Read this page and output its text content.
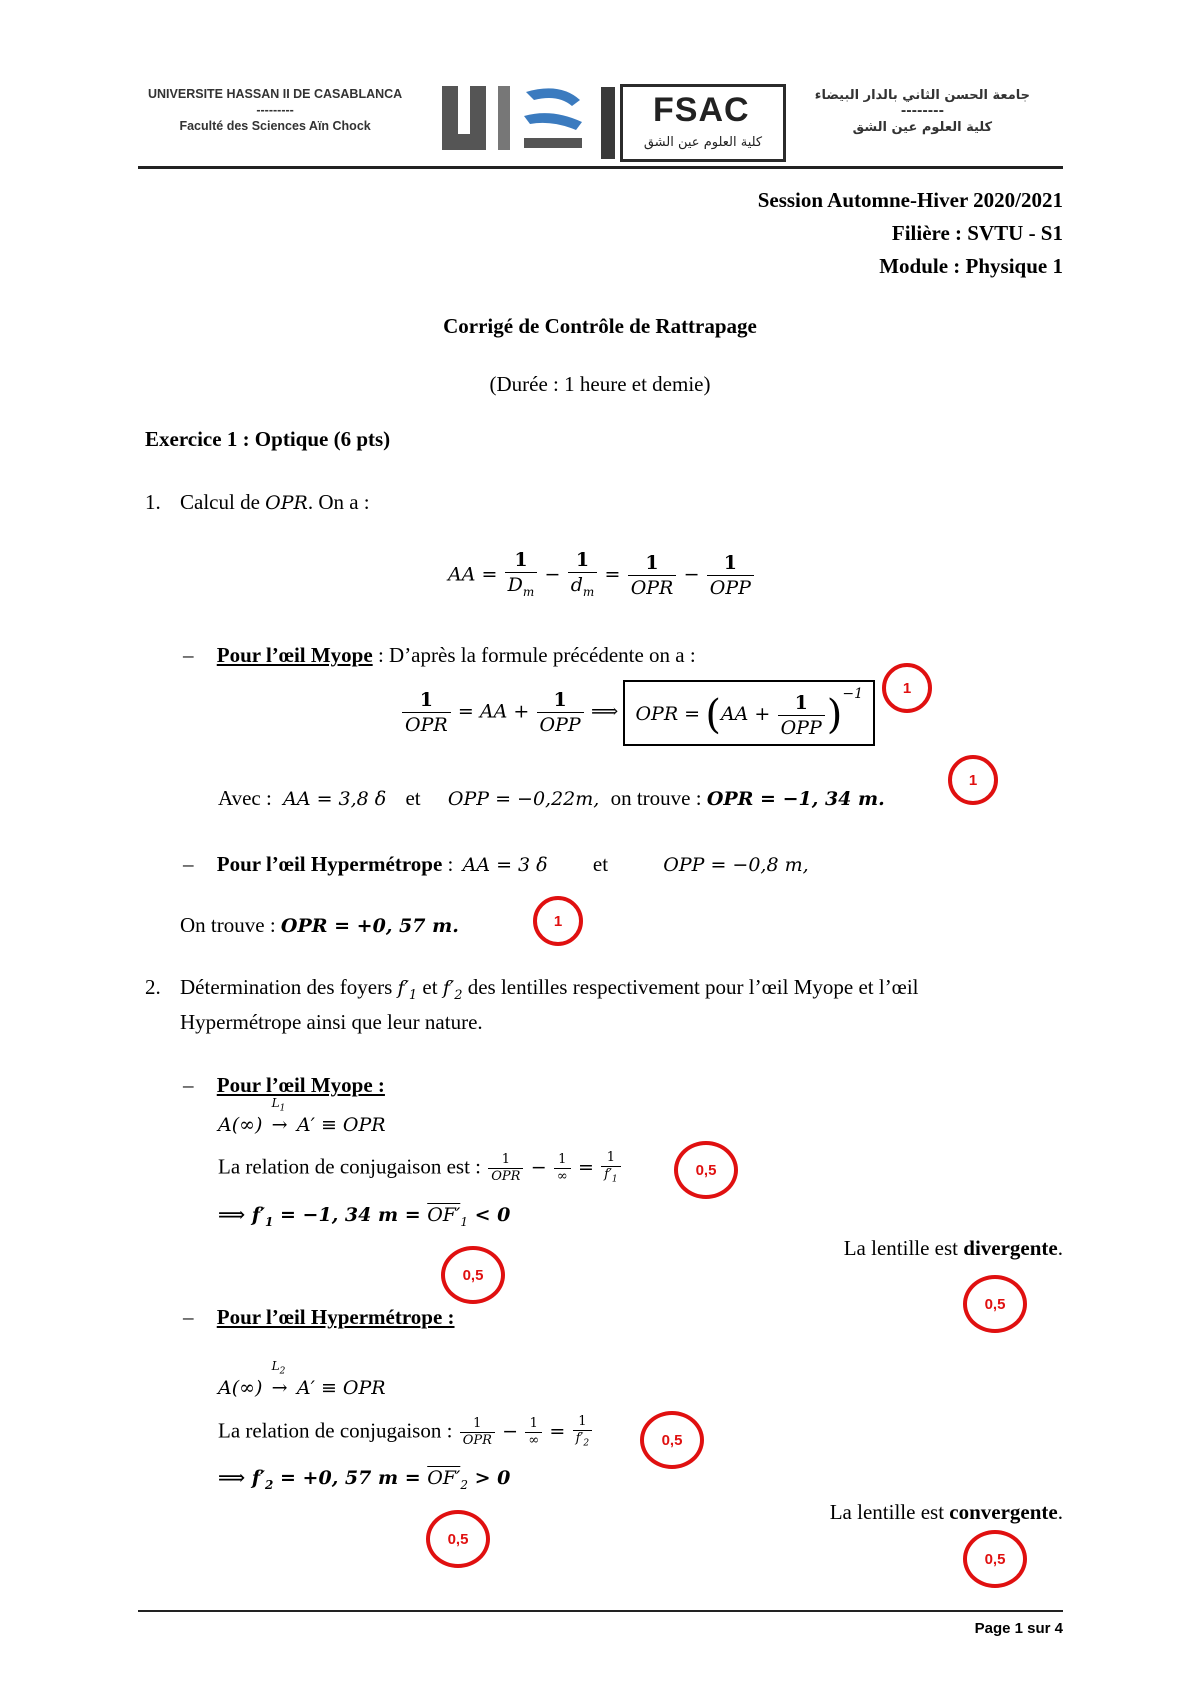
UNIVERSITE HASSAN II DE CASABLANCA
---------
Faculté des Sciences Aïn Chock	FSAC
كلية العلوم عين الشق
جامعة الحسن الثاني بالدار البيضاء
--------
كلية العلوم عين الشق
Session Automne-Hiver 2020/2021
Filière : SVTU - S1
Module : Physique 1
Corrigé de Contrôle de Rattrapage
(Durée : 1 heure et demie)
Exercice 1 : Optique (6 pts)
1. Calcul de OPR. On a :
AA = $\frac{1}{D_m} - \frac{1}{d_m} = \frac{1}{\text{OPR}} - \frac{1}{\text{OPP}}$
– Pour l’œil Myope : D’après la formule précédente on a :
$\frac{1}{\text{OPR}}$ = AA + $\frac{1}{\text{OPP}}$ ⟹ OPR = $(AA + \frac{1}{\text{OPP}} )^{-1}$
Avec : AA = 3,8 δ et OPP = −0,22m, on trouve : OPR = −1, 34 m.
– Pour l’œil Hypermétrope : AA = 3 δ et	OPP = −0,8 m,
On trouve : OPR = +0, 57 m.
2. Détermination des foyers $f'_1$ et $f'_2$ des lentilles respectivement pour l’œil Myope et l’œil
Hypermétrope ainsi que leur nature.
– Pour l’œil Myope :
A(∞)
$L_1$
→ A′ ≡ OPR
La relation de conjugaison est : $\frac{1}{\text{OPR}} - \frac{1}{\infty} = \frac{1}{f'_1}$
⟹ $f'_1 = -1$, 34 $m = OF'_1 < 0$
La lentille est divergente.
– Pour l’œil Hypermétrope :
A(∞)
$L_2$
→ A′ ≡ OPR
La relation de conjugaison : $\frac{1}{\text{OPR}} - \frac{1}{\infty} = \frac{1}{f'_2}$
⟹ $f'_2 = +0$, 57 $m = OF'_2 > 0$
La lentille est convergente.
1
1
1
0,5
0,5
0,5
0,5
0,5
0,5
Page 1 sur 4
